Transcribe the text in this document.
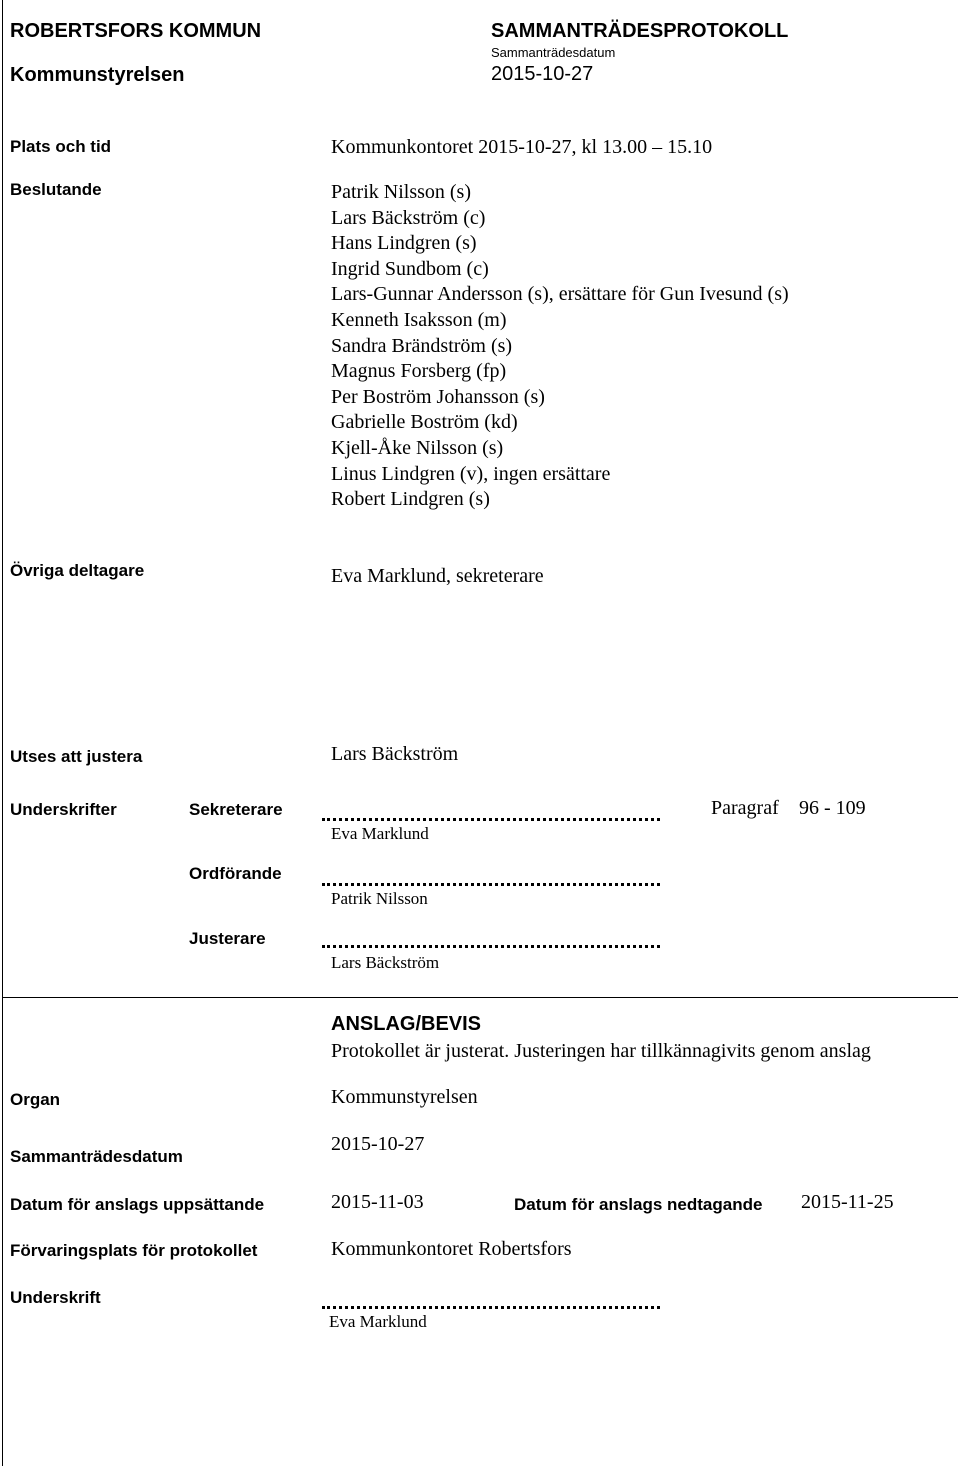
ROBERTSFORS KOMMUN
Kommunstyrelsen
SAMMANTRÄDESPROTOKOLL
Sammanträdesdatum
2015-10-27
Plats och tid	Kommunkontoret 2015-10-27, kl 13.00 – 15.10
Beslutande	Patrik Nilsson (s)
Lars Bäckström (c)
Hans Lindgren (s)
Ingrid Sundbom (c)
Lars-Gunnar Andersson (s), ersättare för Gun Ivesund (s)
Kenneth Isaksson (m)
Sandra Brändström (s)
Magnus Forsberg (fp)
Per Boström Johansson (s)
Gabrielle Boström (kd)
Kjell-Åke Nilsson (s)
Linus Lindgren (v), ingen ersättare
Robert Lindgren (s)
Övriga deltagare	Eva Marklund, sekreterare
Utses att justera	Lars Bäckström
Underskrifter	Sekreterare
Eva Marklund
Paragraf 96 - 109
Ordförande
Patrik Nilsson
Justerare
Lars Bäckström
ANSLAG/BEVIS
Protokollet är justerat. Justeringen har tillkännagivits genom anslag
Organ	Kommunstyrelsen
Sammanträdesdatum
2015-10-27
Datum för anslags uppsättande	2015-11-03	Datum för anslags nedtagande 2015-11-25
Förvaringsplats för protokollet	Kommunkontoret Robertsfors
Underskrift
Eva Marklund
